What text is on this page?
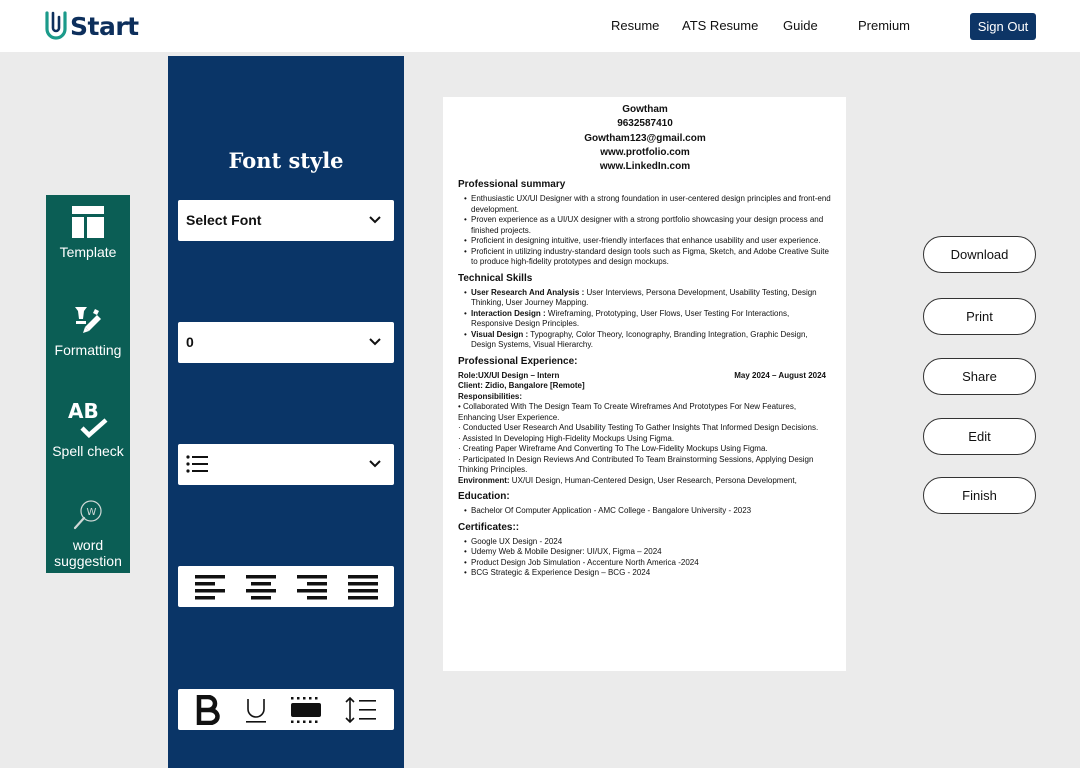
Start	Resume ATS Resume Guide	Premium	Sign Out
Template
Formatting
AB
Spell check
W
word suggestion
Font style
Select Font
0
Gowtham
9632587410
Gowtham123@gmail.com
www.protfolio.com
www.LinkedIn.com
Professional summary
• Enthusiastic UX/UI Designer with a strong foundation in user-centered design principles and front-end development.
• Proven experience as a UI/UX designer with a strong portfolio showcasing your design process and finished projects.
• Proficient in designing intuitive, user-friendly interfaces that enhance usability and user experience.
• Proficient in utilizing industry-standard design tools such as Figma, Sketch, and Adobe Creative Suite to produce high-fidelity prototypes and design mockups.
Technical Skills
• User Research And Analysis : User Interviews, Persona Development, Usability Testing, Design Thinking, User Journey Mapping.
• Interaction Design : Wireframing, Prototyping, User Flows, User Testing For Interactions, Responsive Design Principles.
• Visual Design : Typography, Color Theory, Iconography, Branding Integration, Graphic Design, Design Systems, Visual Hierarchy.
Professional Experience:
Role:UX/UI Design – Intern	May 2024 – August 2024
Client: Zidio, Bangalore [Remote]
Responsibilities:
• Collaborated With The Design Team To Create Wireframes And Prototypes For New Features, Enhancing User Experience.
· Conducted User Research And Usability Testing To Gather Insights That Informed Design Decisions.
· Assisted In Developing High-Fidelity Mockups Using Figma.
· Creating Paper Wireframe And Converting To The Low-Fidelity Mockups Using Figma.
· Participated In Design Reviews And Contributed To Team Brainstorming Sessions, Applying Design Thinking Principles.
Environment: UX/UI Design, Human-Centered Design, User Research, Persona Development,
Education:
• Bachelor Of Computer Application - AMC College - Bangalore University - 2023
Certificates::
• Google UX Design - 2024
• Udemy Web & Mobile Designer: UI/UX, Figma – 2024
• Product Design Job Simulation - Accenture North America -2024
• BCG Strategic & Experience Design – BCG - 2024
Download
Print
Share
Edit
Finish
